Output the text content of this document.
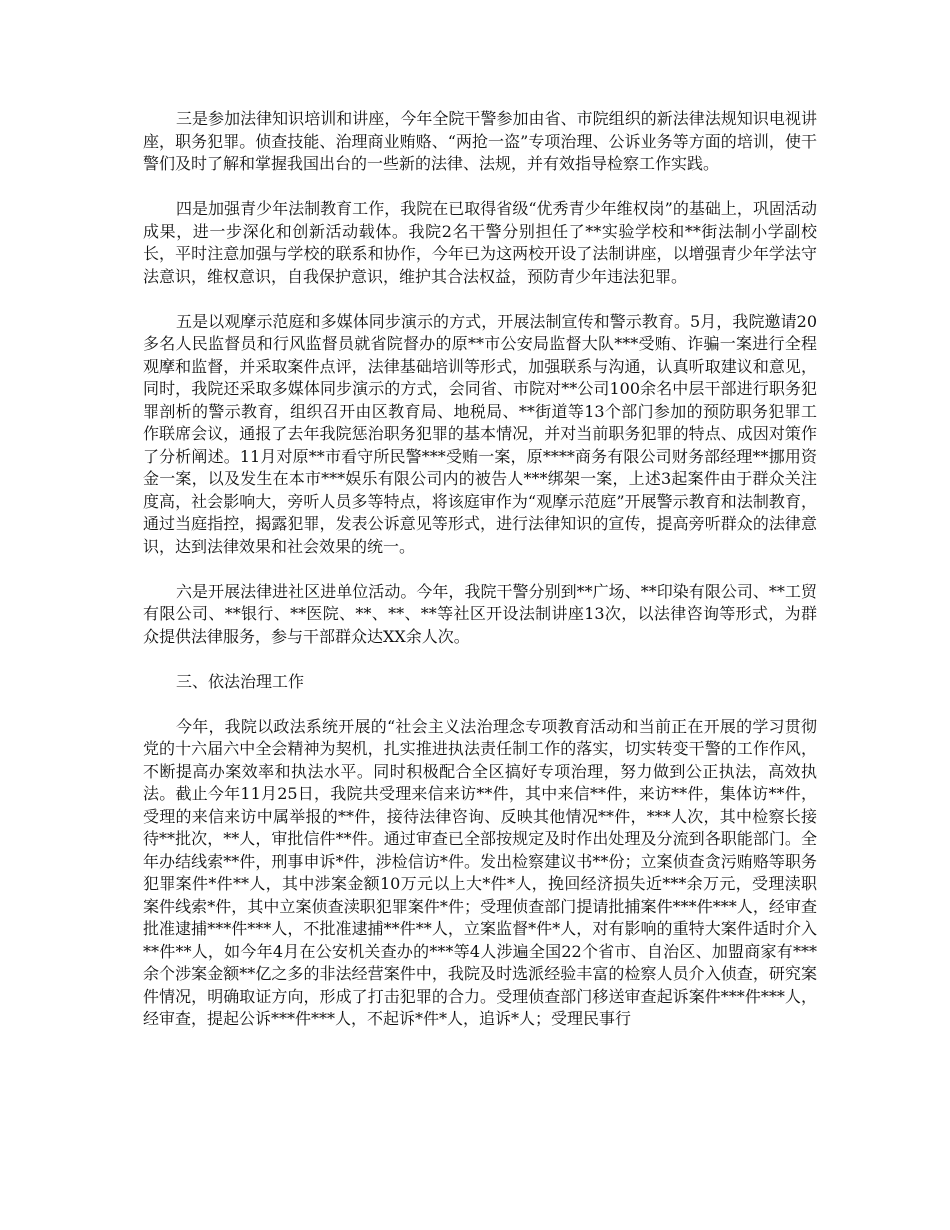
三是参加法律知识培训和讲座，今年全院干警参加由省、市院组织的新法律法规知识电视讲座，职务犯罪。侦查技能、治理商业贿赂、“两抢一盗”专项治理、公诉业务等方面的培训，使干警们及时了解和掌握我国出台的一些新的法律、法规，并有效指导检察工作实践。

四是加强青少年法制教育工作，我院在已取得省级“优秀青少年维权岗”的基础上，巩固活动成果，进一步深化和创新活动载体。我院2名干警分别担任了**实验学校和**街法制小学副校长，平时注意加强与学校的联系和协作，今年已为这两校开设了法制讲座，以增强青少年学法守法意识，维权意识，自我保护意识，维护其合法权益，预防青少年违法犯罪。

五是以观摩示范庭和多媒体同步演示的方式，开展法制宣传和警示教育。5月，我院邀请20多名人民监督员和行风监督员就省院督办的原**市公安局监督大队***受贿、诈骗一案进行全程观摩和监督，并采取案件点评，法律基础培训等形式，加强联系与沟通，认真听取建议和意见，同时，我院还采取多媒体同步演示的方式，会同省、市院对**公司100余名中层干部进行职务犯罪剖析的警示教育，组织召开由区教育局、地税局、**街道等13个部门参加的预防职务犯罪工作联席会议，通报了去年我院惩治职务犯罪的基本情况，并对当前职务犯罪的特点、成因对策作了分析阐述。11月对原**市看守所民警***受贿一案，原****商务有限公司财务部经理**挪用资金一案，以及发生在本市***娱乐有限公司内的被告人***绑架一案，上述3起案件由于群众关注度高，社会影响大，旁听人员多等特点，将该庭审作为“观摩示范庭”开展警示教育和法制教育，通过当庭指控，揭露犯罪，发表公诉意见等形式，进行法律知识的宣传，提高旁听群众的法律意识，达到法律效果和社会效果的统一。

六是开展法律进社区进单位活动。今年，我院干警分别到**广场、**印染有限公司、**工贸有限公司、**银行、**医院、**、**、**等社区开设法制讲座13次，以法律咨询等形式，为群众提供法律服务，参与干部群众达XX余人次。

三、依法治理工作

今年，我院以政法系统开展的“社会主义法治理念专项教育活动和当前正在开展的学习贯彻党的十六届六中全会精神为契机，扎实推进执法责任制工作的落实，切实转变干警的工作作风，不断提高办案效率和执法水平。同时积极配合全区搞好专项治理，努力做到公正执法，高效执法。截止今年11月25日，我院共受理来信来访**件，其中来信**件，来访**件，集体访**件，受理的来信来访中属举报的**件，接待法律咨询、反映其他情况**件，***人次，其中检察长接待**批次，**人，审批信件**件。通过审查已全部按规定及时作出处理及分流到各职能部门。全年办结线索**件，刑事申诉*件，涉检信访*件。发出检察建议书**份；立案侦查贪污贿赂等职务犯罪案件*件**人，其中涉案金额10万元以上大*件*人，挽回经济损失近***余万元，受理渎职案件线索*件，其中立案侦查渎职犯罪案件*件；受理侦查部门提请批捕案件***件***人，经审查批准逮捕***件***人，不批准逮捕**件**人，立案监督*件*人，对有影响的重特大案件适时介入**件**人，如今年4月在公安机关查办的***等4人涉遍全国22个省市、自治区、加盟商家有***余个涉案金额**亿之多的非法经营案件中，我院及时选派经验丰富的检察人员介入侦查，研究案件情况，明确取证方向，形成了打击犯罪的合力。受理侦查部门移送审查起诉案件***件***人，经审查，提起公诉***件***人，不起诉*件*人，追诉*人；受理民事行
